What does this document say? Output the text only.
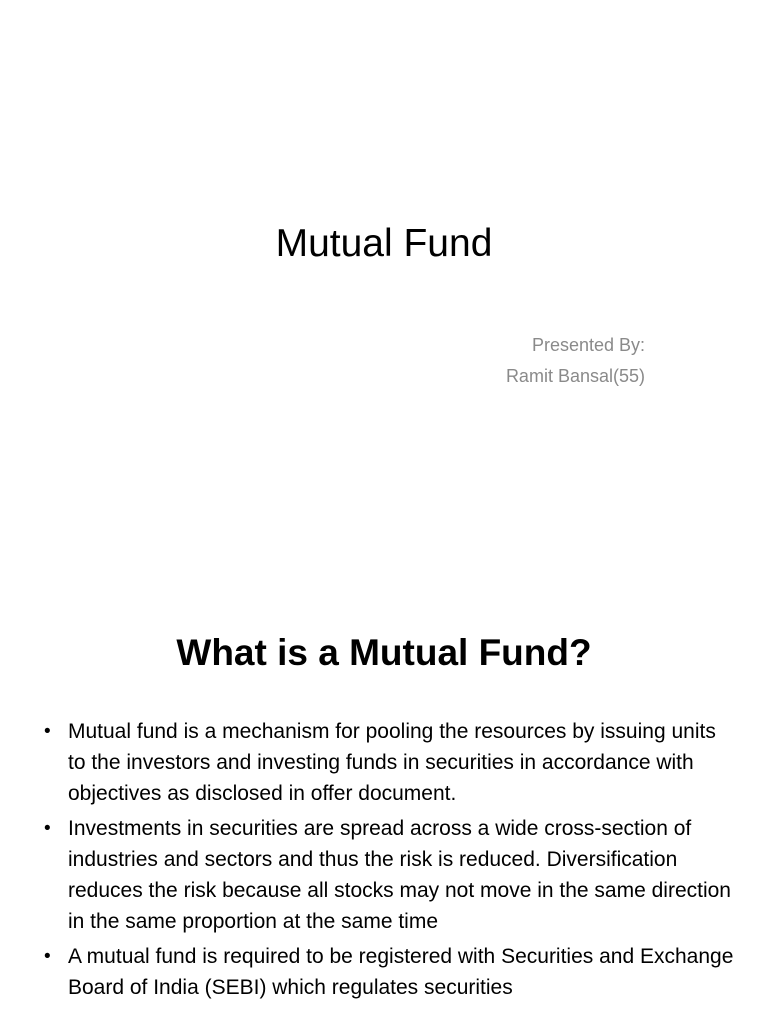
Mutual Fund
Presented By:
Ramit Bansal(55)
What is a Mutual Fund?
• Mutual fund is a mechanism for pooling the resources by issuing units to the investors and investing funds in securities in accordance with objectives as disclosed in offer document.
• Investments in securities are spread across a wide cross-section of industries and sectors and thus the risk is reduced. Diversification reduces the risk because all stocks may not move in the same direction in the same proportion at the same time
• A mutual fund is required to be registered with Securities and Exchange Board of India (SEBI) which regulates securities
